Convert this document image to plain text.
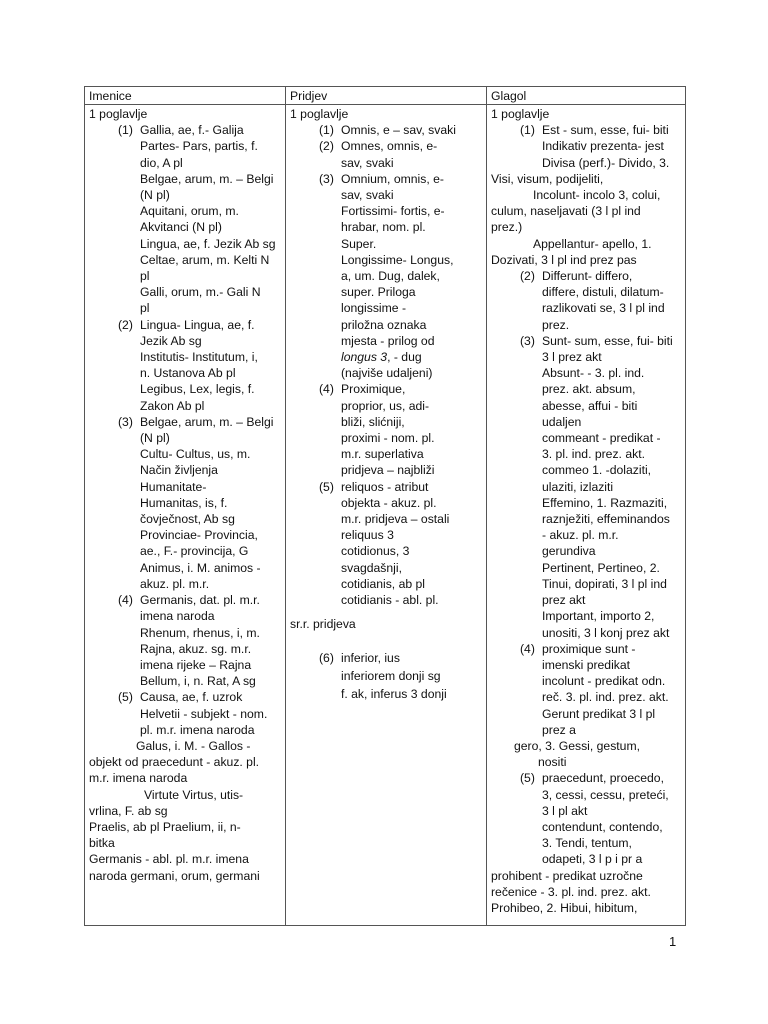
Imenice	Pridjev	Glagol
1 poglavlje
(1) Gallia, ae, f.- Galija
Partes- Pars, partis, f.
dio, A pl
Belgae, arum, m. – Belgi
(N pl)
Aquitani, orum, m.
Akvitanci (N pl)
Lingua, ae, f. Jezik Ab sg
Celtae, arum, m. Kelti N
pl
Galli, orum, m.- Gali N
pl
(2) Lingua- Lingua, ae, f.
Jezik Ab sg
Institutis- Institutum, i,
n. Ustanova Ab pl
Legibus, Lex, legis, f.
Zakon Ab pl
(3) Belgae, arum, m. – Belgi
(N pl)
Cultu- Cultus, us, m.
Način življenja
Humanitate-
Humanitas, is, f.
čovječnost, Ab sg
Provinciae- Provincia,
ae., F.- provincija, G
Animus, i. M. animos -
akuz. pl. m.r.
(4) Germanis, dat. pl. m.r.
imena naroda
Rhenum, rhenus, i, m.
Rajna, akuz. sg. m.r.
imena rijeke – Rajna
Bellum, i, n. Rat, A sg
(5) Causa, ae, f. uzrok
Helvetii - subjekt - nom.
pl. m.r. imena naroda
Galus, i. M. - Gallos -
objekt od praecedunt - akuz. pl.
m.r. imena naroda
Virtute Virtus, utis-
vrlina, F. ab sg
Praelis, ab pl Praelium, ii, n-
bitka
Germanis - abl. pl. m.r. imena
naroda germani, orum, germani
1 poglavlje
(1) Omnis, e – sav, svaki
(2) Omnes, omnis, e-
sav, svaki
(3) Omnium, omnis, e-
sav, svaki
Fortissimi- fortis, e-
hrabar, nom. pl.
Super.
Longissime- Longus,
a, um. Dug, dalek,
super. Priloga
longissime -
priložna oznaka
mjesta - prilog od
longus 3, - dug
(najviše udaljeni)
(4) Proximique,
proprior, us, adi-
bliži, slićniji,
proximi - nom. pl.
m.r. superlativa
pridjeva – najbliži
(5) reliquos - atribut
objekta - akuz. pl.
m.r. pridjeva – ostali
reliquus 3
cotidionus, 3
svagdašnji,
cotidianis, ab pl
cotidianis - abl. pl.
sr.r. pridjeva
(6) inferior, ius
inferiorem donji sg
f. ak, inferus 3 donji
1 poglavlje
(1) Est - sum, esse, fui- biti
Indikativ prezenta- jest
Divisa (perf.)- Divido, 3.
Visi, visum, podijeliti,
Incolunt- incolo 3, colui,
culum, naseljavati (3 l pl ind
prez.)
Appellantur- apello, 1.
Dozivati, 3 l pl ind prez pas
(2) Differunt- differo,
differe, distuli, dilatum-
razlikovati se, 3 l pl ind
prez.
(3) Sunt- sum, esse, fui- biti
3 l prez akt
Absunt- - 3. pl. ind.
prez. akt. absum,
abesse, affui - biti
udaljen
commeant - predikat -
3. pl. ind. prez. akt.
commeo 1. -dolaziti,
ulaziti, izlaziti
Effemino, 1. Razmaziti,
raznježiti, effeminandos
- akuz. pl. m.r.
gerundiva
Pertinent, Pertineo, 2.
Tinui, dopirati, 3 l pl ind
prez akt
Important, importo 2,
unositi, 3 l konj prez akt
(4) proximique sunt -
imenski predikat
incolunt - predikat odn.
reč. 3. pl. ind. prez. akt.
Gerunt predikat 3 l pl
prez a
gero, 3. Gessi, gestum,
nositi
(5) praecedunt, proecedo,
3, cessi, cessu, preteći,
3 l pl akt
contendunt, contendo,
3. Tendi, tentum,
odapeti, 3 l p i pr a
prohibent - predikat uzročne
rečenice - 3. pl. ind. prez. akt.
Prohibeo, 2. Hibui, hibitum,
1
